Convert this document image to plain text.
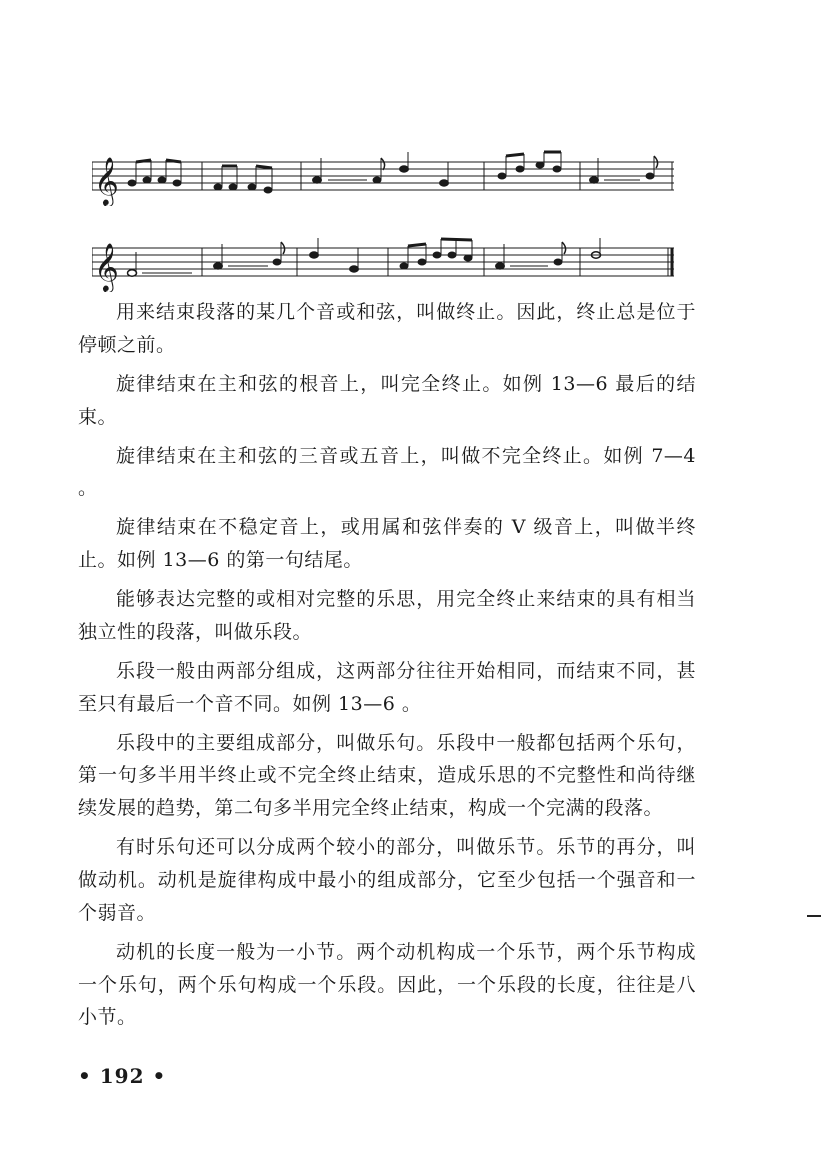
𝄞
𝄞

用来结束段落的某几个音或和弦，叫做终止。因此，终止总是位于停顿之前。

旋律结束在主和弦的根音上，叫完全终止。如例 13—6 最后的结束。

旋律结束在主和弦的三音或五音上，叫做不完全终止。如例 7—4 。

旋律结束在不稳定音上，或用属和弦伴奏的 V 级音上，叫做半终止。如例 13—6 的第一句结尾。

能够表达完整的或相对完整的乐思，用完全终止来结束的具有相当独立性的段落，叫做乐段。

乐段一般由两部分组成，这两部分往往开始相同，而结束不同，甚至只有最后一个音不同。如例 13—6 。

乐段中的主要组成部分，叫做乐句。乐段中一般都包括两个乐句，第一句多半用半终止或不完全终止结束，造成乐思的不完整性和尚待继续发展的趋势，第二句多半用完全终止结束，构成一个完满的段落。

有时乐句还可以分成两个较小的部分，叫做乐节。乐节的再分，叫做动机。动机是旋律构成中最小的组成部分，它至少包括一个强音和一个弱音。

动机的长度一般为一小节。两个动机构成一个乐节，两个乐节构成一个乐句，两个乐句构成一个乐段。因此，一个乐段的长度，往往是八小节。

• 192 •
